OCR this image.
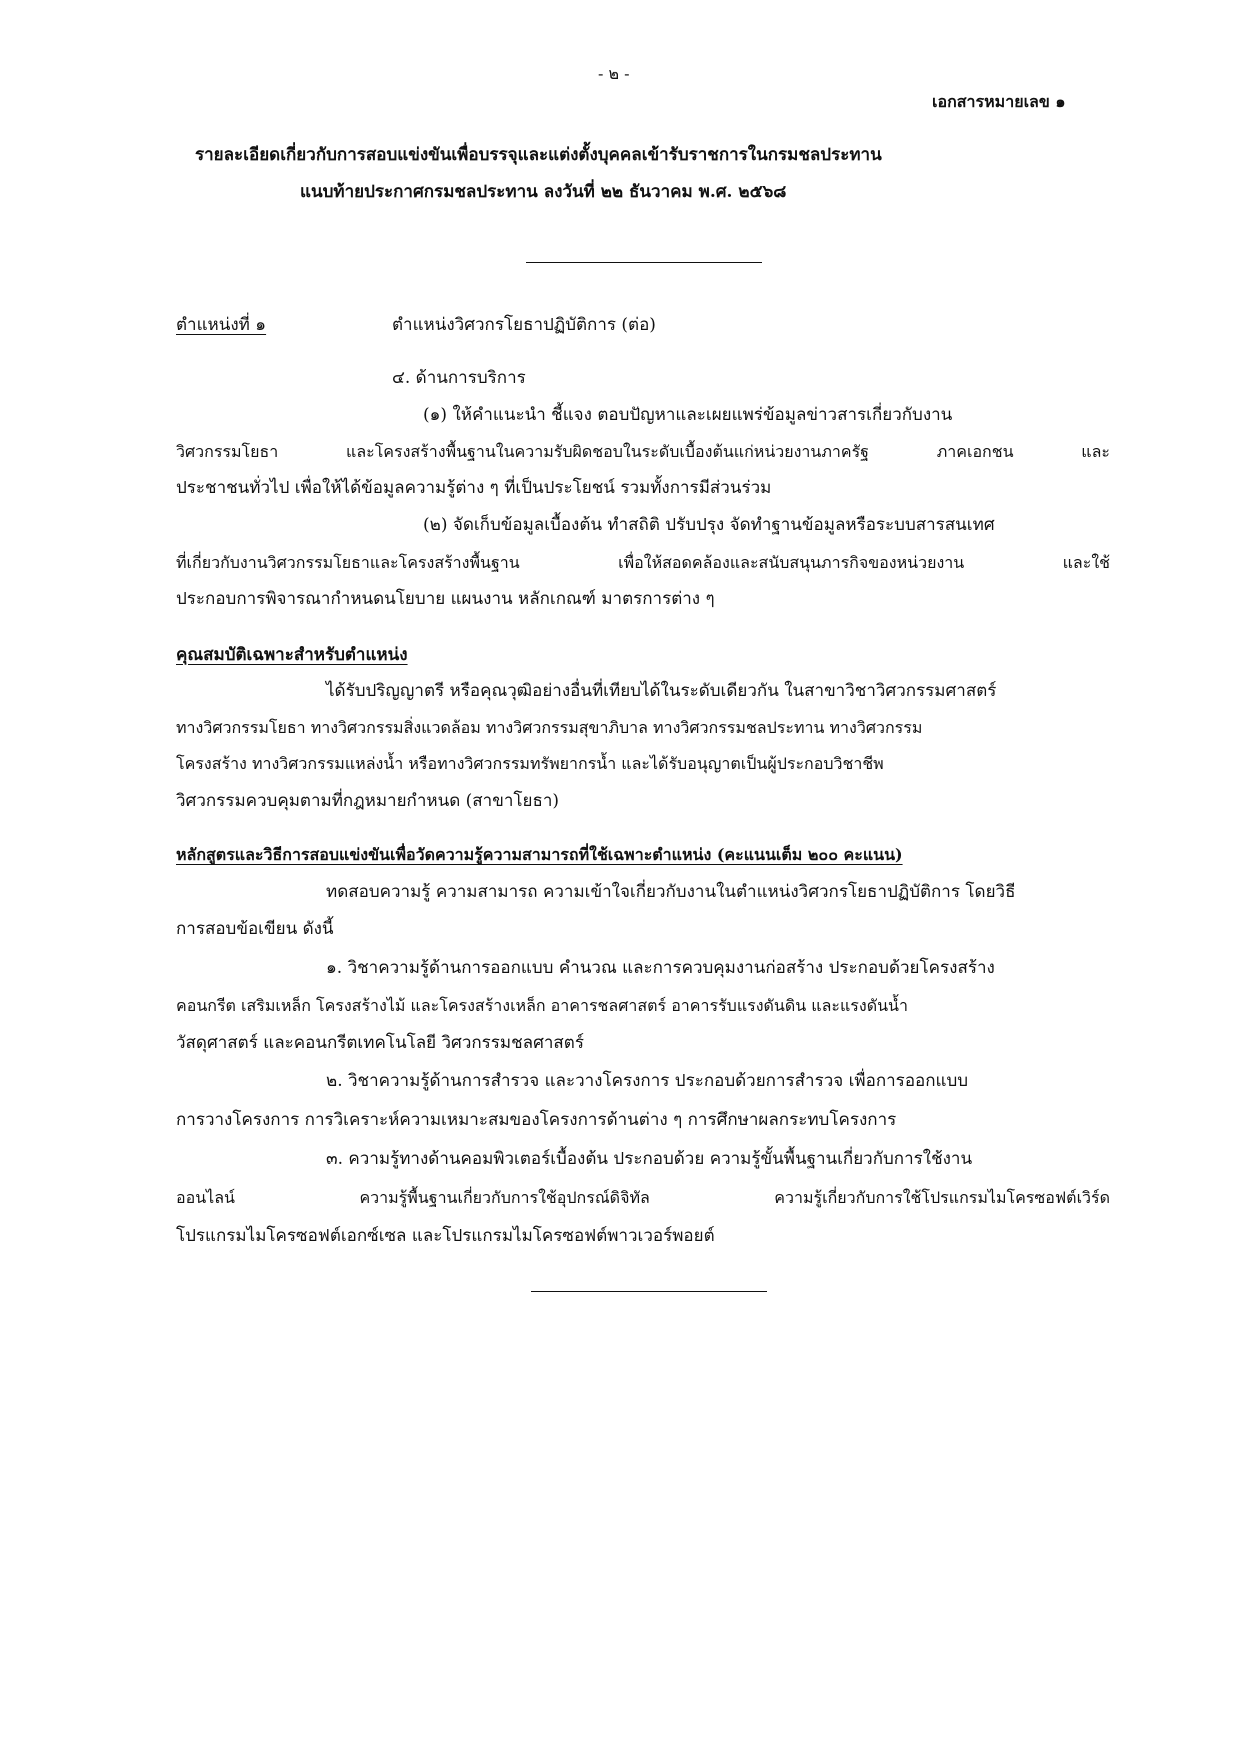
- ๒ -
เอกสารหมายเลข ๑
รายละเอียดเกี่ยวกับการสอบแข่งขันเพื่อบรรจุและแต่งตั้งบุคคลเข้ารับราชการในกรมชลประทาน
แนบท้ายประกาศกรมชลประทาน ลงวันที่ ๒๒ ธันวาคม พ.ศ. ๒๕๖๘
ตำแหน่งที่ ๑	ตำแหน่งวิศวกรโยธาปฏิบัติการ (ต่อ)
๔. ด้านการบริการ
(๑) ให้คำแนะนำ ชี้แจง ตอบปัญหาและเผยแพร่ข้อมูลข่าวสารเกี่ยวกับงาน
วิศวกรรมโยธา และโครงสร้างพื้นฐานในความรับผิดชอบในระดับเบื้องต้นแก่หน่วยงานภาครัฐ ภาคเอกชน และ
ประชาชนทั่วไป เพื่อให้ได้ข้อมูลความรู้ต่าง ๆ ที่เป็นประโยชน์ รวมทั้งการมีส่วนร่วม
(๒) จัดเก็บข้อมูลเบื้องต้น ทำสถิติ ปรับปรุง จัดทำฐานข้อมูลหรือระบบสารสนเทศ
ที่เกี่ยวกับงานวิศวกรรมโยธาและโครงสร้างพื้นฐาน เพื่อให้สอดคล้องและสนับสนุนภารกิจของหน่วยงาน และใช้
ประกอบการพิจารณากำหนดนโยบาย แผนงาน หลักเกณฑ์ มาตรการต่าง ๆ
คุณสมบัติเฉพาะสำหรับตำแหน่ง
ได้รับปริญญาตรี หรือคุณวุฒิอย่างอื่นที่เทียบได้ในระดับเดียวกัน ในสาขาวิชาวิศวกรรมศาสตร์
ทางวิศวกรรมโยธา ทางวิศวกรรมสิ่งแวดล้อม ทางวิศวกรรมสุขาภิบาล ทางวิศวกรรมชลประทาน ทางวิศวกรรม
โครงสร้าง ทางวิศวกรรมแหล่งน้ำ หรือทางวิศวกรรมทรัพยากรน้ำ และได้รับอนุญาตเป็นผู้ประกอบวิชาชีพ
วิศวกรรมควบคุมตามที่กฎหมายกำหนด (สาขาโยธา)
หลักสูตรและวิธีการสอบแข่งขันเพื่อวัดความรู้ความสามารถที่ใช้เฉพาะตำแหน่ง (คะแนนเต็ม ๒๐๐ คะแนน)
ทดสอบความรู้ ความสามารถ ความเข้าใจเกี่ยวกับงานในตำแหน่งวิศวกรโยธาปฏิบัติการ โดยวิธี
การสอบข้อเขียน ดังนี้
๑. วิชาความรู้ด้านการออกแบบ คำนวณ และการควบคุมงานก่อสร้าง ประกอบด้วยโครงสร้าง
คอนกรีต เสริมเหล็ก โครงสร้างไม้ และโครงสร้างเหล็ก อาคารชลศาสตร์ อาคารรับแรงดันดิน และแรงดันน้ำ
วัสดุศาสตร์ และคอนกรีตเทคโนโลยี วิศวกรรมชลศาสตร์
๒. วิชาความรู้ด้านการสำรวจ และวางโครงการ ประกอบด้วยการสำรวจ เพื่อการออกแบบ
การวางโครงการ การวิเคราะห์ความเหมาะสมของโครงการด้านต่าง ๆ การศึกษาผลกระทบโครงการ
๓. ความรู้ทางด้านคอมพิวเตอร์เบื้องต้น ประกอบด้วย ความรู้ขั้นพื้นฐานเกี่ยวกับการใช้งาน
ออนไลน์ ความรู้พื้นฐานเกี่ยวกับการใช้อุปกรณ์ดิจิทัล ความรู้เกี่ยวกับการใช้โปรแกรมไมโครซอฟต์เวิร์ด
โปรแกรมไมโครซอฟต์เอกซ์เซล และโปรแกรมไมโครซอฟต์พาวเวอร์พอยต์
